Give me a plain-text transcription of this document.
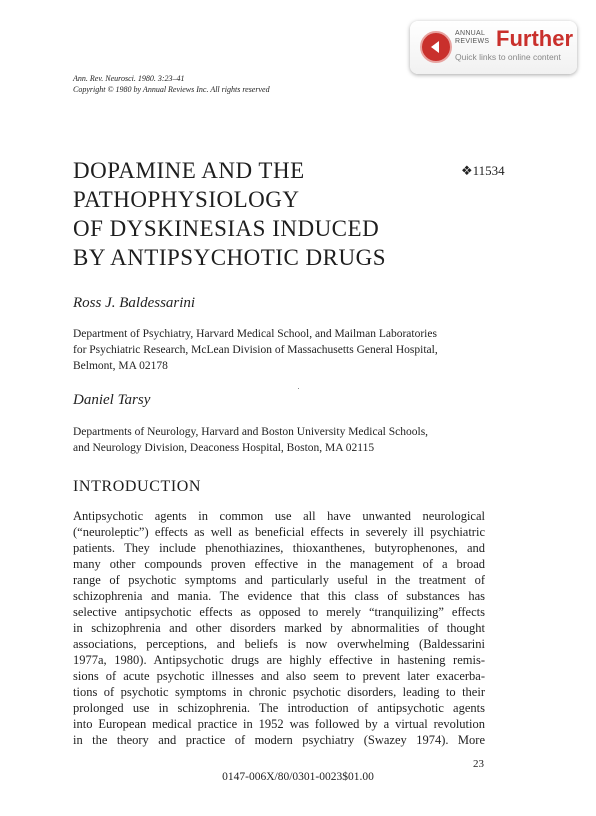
ANNUAL
REVIEWS Further
Quick links to online content
Ann. Rev. Neurosci. 1980. 3:23–41
Copyright © 1980 by Annual Reviews Inc. All rights reserved
DOPAMINE AND THE
PATHOPHYSIOLOGY
OF DYSKINESIAS INDUCED
BY ANTIPSYCHOTIC DRUGS
❖11534
Ross J. Baldessarini
Department of Psychiatry, Harvard Medical School, and Mailman Laboratories
for Psychiatric Research, McLean Division of Massachusetts General Hospital,
Belmont, MA 02178
Daniel Tarsy
Departments of Neurology, Harvard and Boston University Medical Schools,
and Neurology Division, Deaconess Hospital, Boston, MA 02115
INTRODUCTION
Antipsychotic agents in common use all have unwanted neurological
(“neuroleptic”) effects as well as beneficial effects in severely ill psychiatric
patients. They include phenothiazines, thioxanthenes, butyrophenones, and
many other compounds proven effective in the management of a broad
range of psychotic symptoms and particularly useful in the treatment of
schizophrenia and mania. The evidence that this class of substances has
selective antipsychotic effects as opposed to merely “tranquilizing” effects
in schizophrenia and other disorders marked by abnormalities of thought
associations, perceptions, and beliefs is now overwhelming (Baldessarini
1977a, 1980). Antipsychotic drugs are highly effective in hastening remis-
sions of acute psychotic illnesses and also seem to prevent later exacerba-
tions of psychotic symptoms in chronic psychotic disorders, leading to their
prolonged use in schizophrenia. The introduction of antipsychotic agents
into European medical practice in 1952 was followed by a virtual revolution
in the theory and practice of modern psychiatry (Swazey 1974). More
23
0147-006X/80/0301-0023$01.00
